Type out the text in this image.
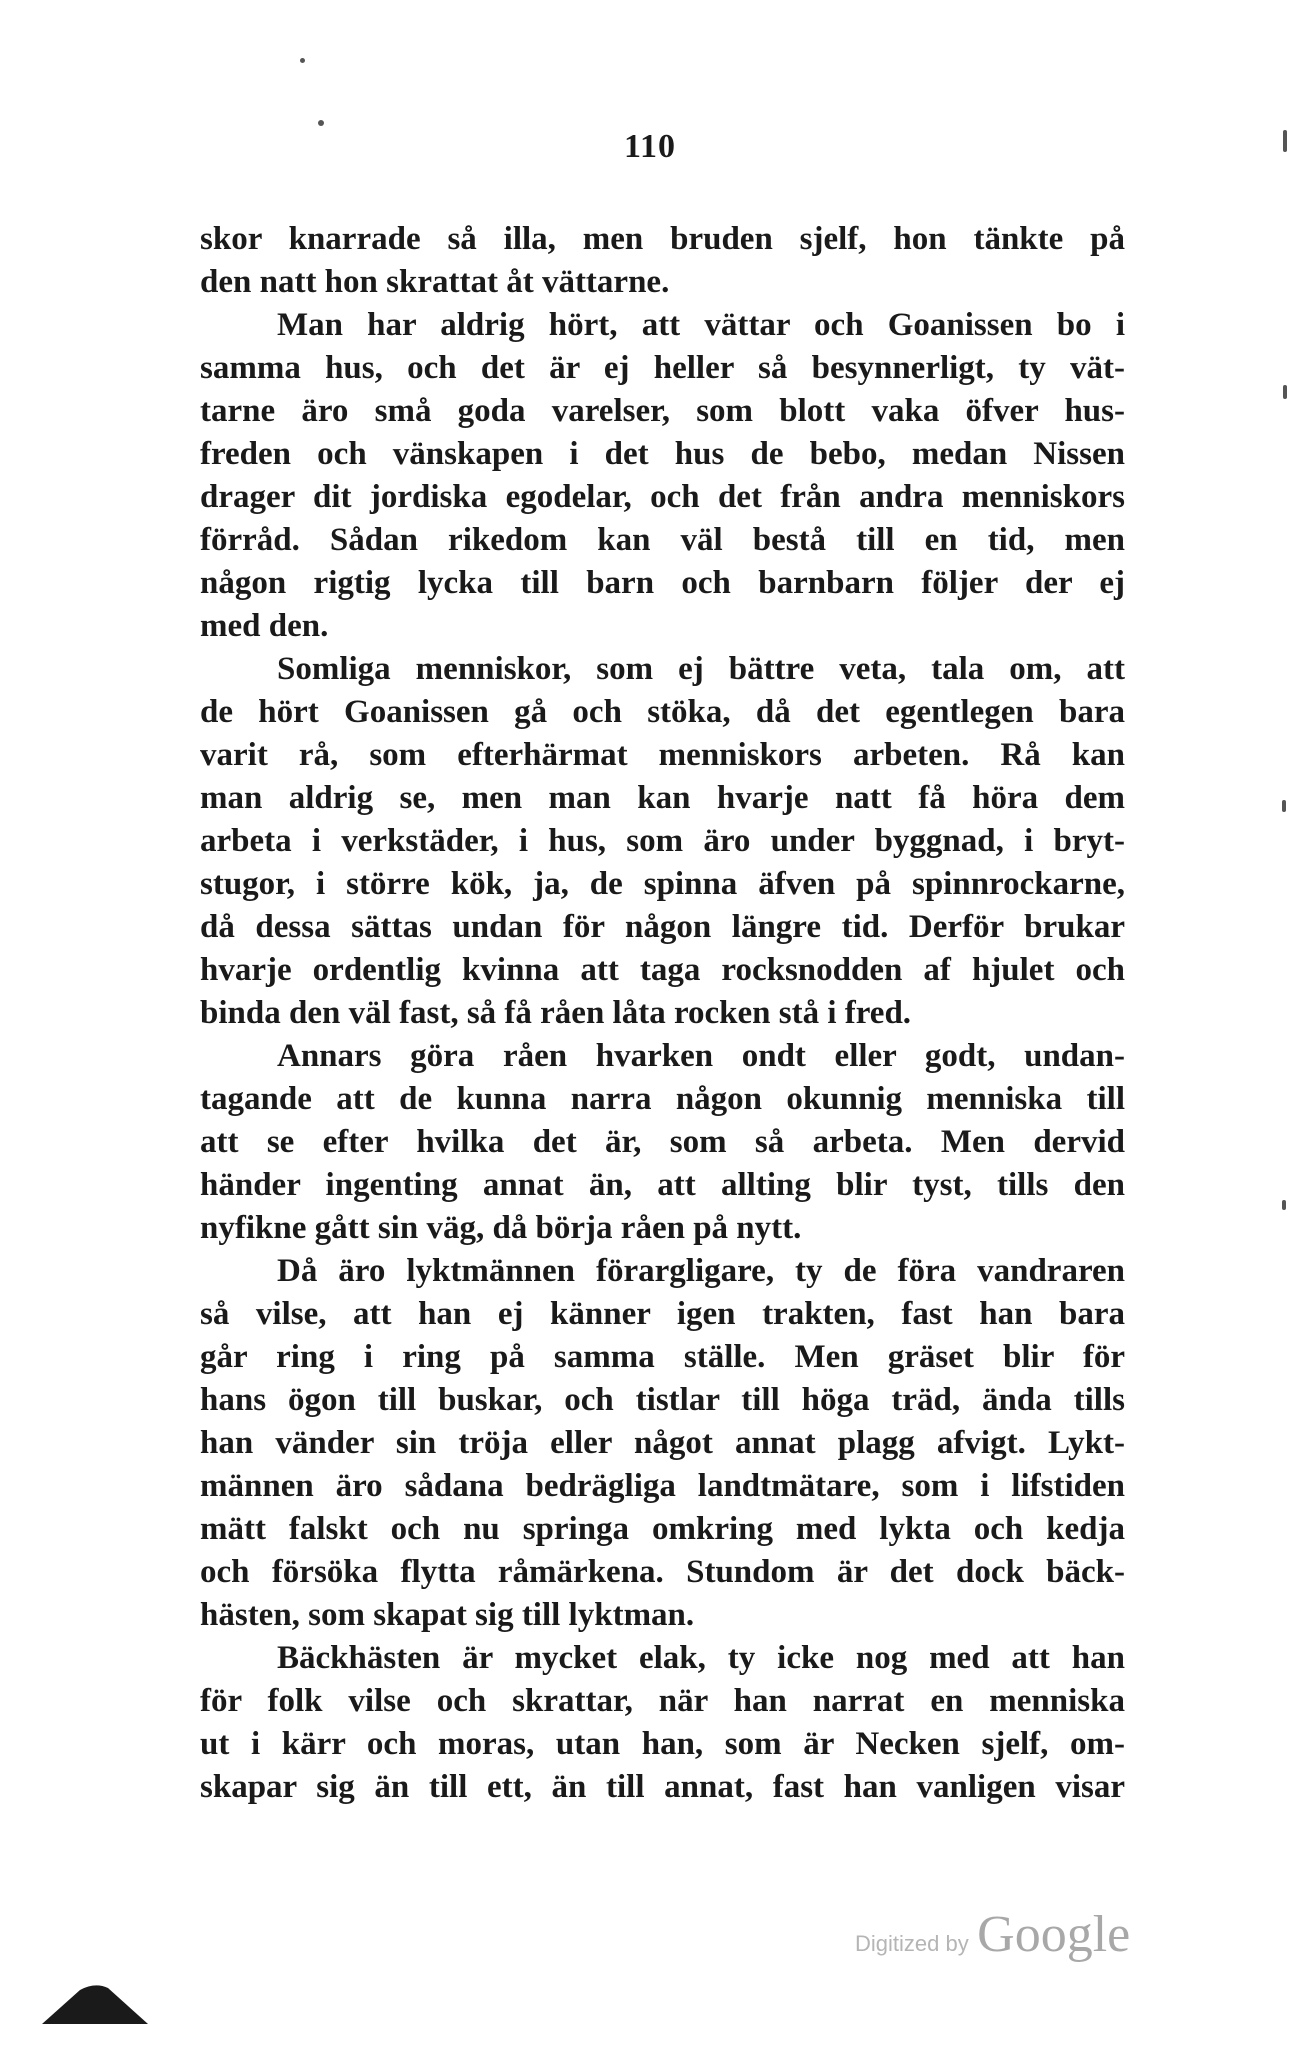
110
skor knarrade så illa, men bruden sjelf, hon tänkte på
den natt hon skrattat åt vättarne.
Man har aldrig hört, att vättar och Goanissen bo i
samma hus, och det är ej heller så besynnerligt, ty vät-
tarne äro små goda varelser, som blott vaka öfver hus-
freden och vänskapen i det hus de bebo, medan Nissen
drager dit jordiska egodelar, och det från andra menniskors
förråd. Sådan rikedom kan väl bestå till en tid, men
någon rigtig lycka till barn och barnbarn följer der ej
med den.
Somliga menniskor, som ej bättre veta, tala om, att
de hört Goanissen gå och stöka, då det egentlegen bara
varit rå, som efterhärmat menniskors arbeten. Rå kan
man aldrig se, men man kan hvarje natt få höra dem
arbeta i verkstäder, i hus, som äro under byggnad, i bryt-
stugor, i större kök, ja, de spinna äfven på spinnrockarne,
då dessa sättas undan för någon längre tid. Derför brukar
hvarje ordentlig kvinna att taga rocksnodden af hjulet och
binda den väl fast, så få råen låta rocken stå i fred.
Annars göra råen hvarken ondt eller godt, undan-
tagande att de kunna narra någon okunnig menniska till
att se efter hvilka det är, som så arbeta. Men dervid
händer ingenting annat än, att allting blir tyst, tills den
nyfikne gått sin väg, då börja råen på nytt.
Då äro lyktmännen förargligare, ty de föra vandraren
så vilse, att han ej känner igen trakten, fast han bara
går ring i ring på samma ställe. Men gräset blir för
hans ögon till buskar, och tistlar till höga träd, ända tills
han vänder sin tröja eller något annat plagg afvigt. Lykt-
männen äro sådana bedrägliga landtmätare, som i lifstiden
mätt falskt och nu springa omkring med lykta och kedja
och försöka flytta råmärkena. Stundom är det dock bäck-
hästen, som skapat sig till lyktman.
Bäckhästen är mycket elak, ty icke nog med att han
för folk vilse och skrattar, när han narrat en menniska
ut i kärr och moras, utan han, som är Necken sjelf, om-
skapar sig än till ett, än till annat, fast han vanligen visar
Digitized by Google
